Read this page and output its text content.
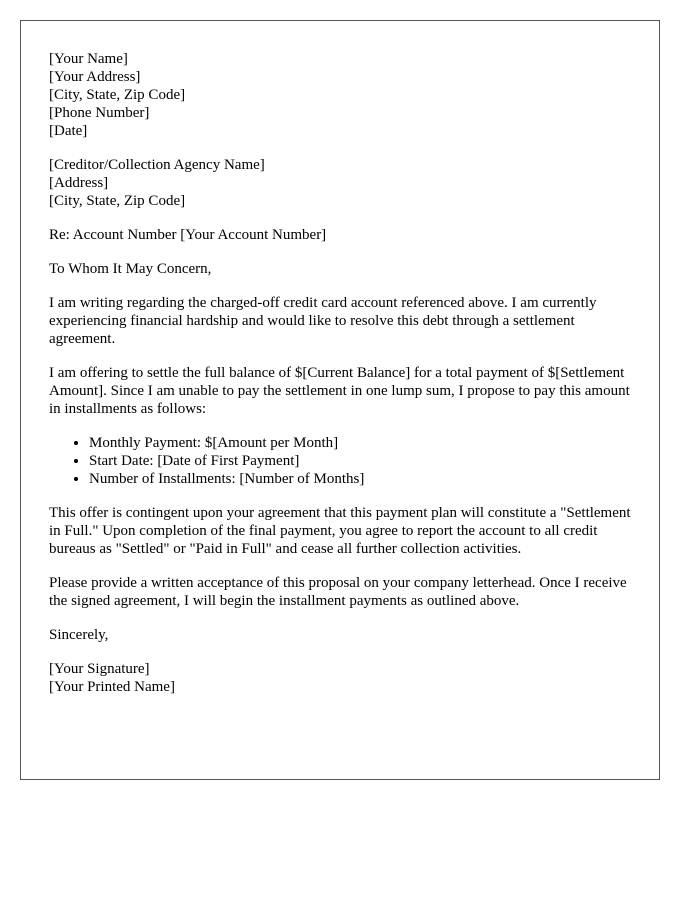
[Your Name]
[Your Address]
[City, State, Zip Code]
[Phone Number]
[Date]
[Creditor/Collection Agency Name]
[Address]
[City, State, Zip Code]

Re: Account Number [Your Account Number]

To Whom It May Concern,

I am writing regarding the charged-off credit card account referenced above. I am currently experiencing financial hardship and would like to resolve this debt through a settlement agreement.

I am offering to settle the full balance of $[Current Balance] for a total payment of $[Settlement Amount]. Since I am unable to pay the settlement in one lump sum, I propose to pay this amount in installments as follows:

• Monthly Payment: $[Amount per Month]
• Start Date: [Date of First Payment]
• Number of Installments: [Number of Months]

This offer is contingent upon your agreement that this payment plan will constitute a "Settlement in Full." Upon completion of the final payment, you agree to report the account to all credit bureaus as "Settled" or "Paid in Full" and cease all further collection activities.

Please provide a written acceptance of this proposal on your company letterhead. Once I receive the signed agreement, I will begin the installment payments as outlined above.

Sincerely,

[Your Signature]
[Your Printed Name]
